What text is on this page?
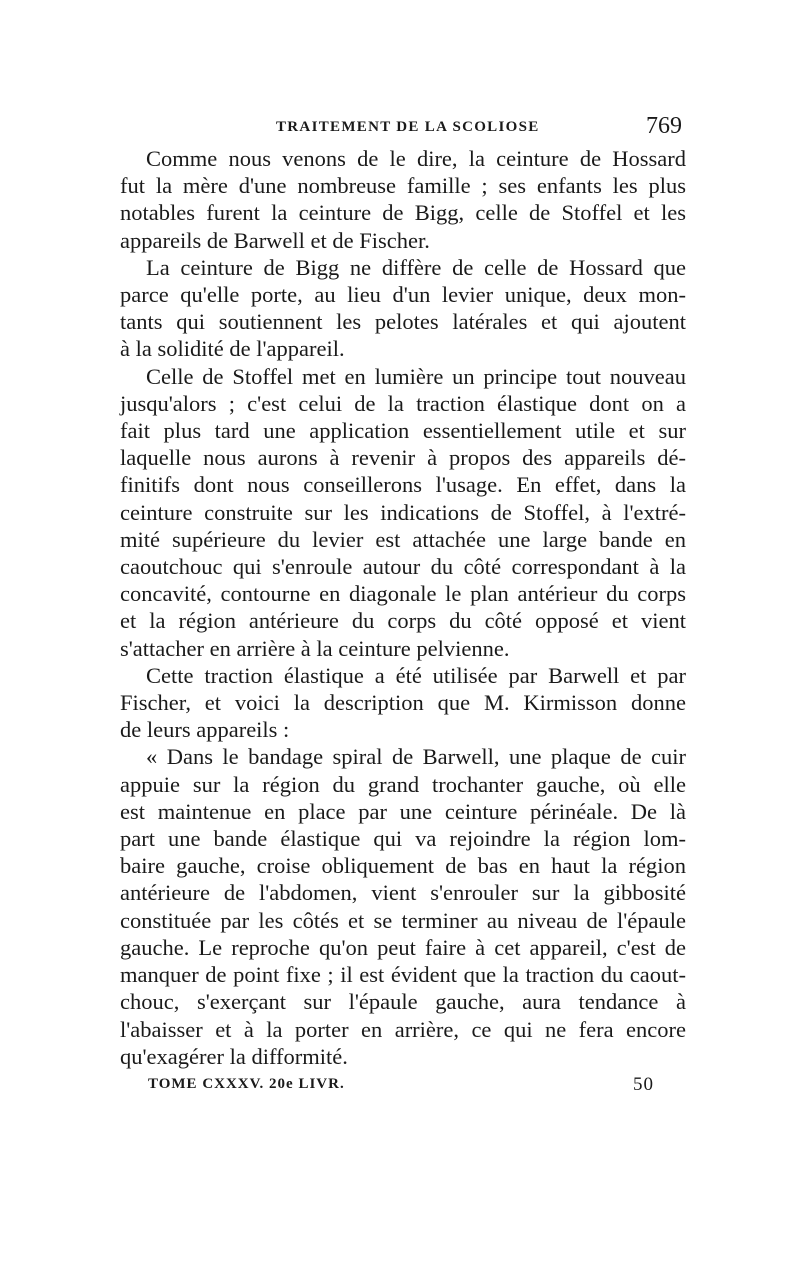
TRAITEMENT DE LA SCOLIOSE	769

Comme nous venons de le dire, la ceinture de Hossard
fut la mère d'une nombreuse famille ; ses enfants les plus
notables furent la ceinture de Bigg, celle de Stoffel et les
appareils de Barwell et de Fischer.
La ceinture de Bigg ne diffère de celle de Hossard que
parce qu'elle porte, au lieu d'un levier unique, deux mon-
tants qui soutiennent les pelotes latérales et qui ajoutent
à la solidité de l'appareil.
Celle de Stoffel met en lumière un principe tout nouveau
jusqu'alors ; c'est celui de la traction élastique dont on a
fait plus tard une application essentiellement utile et sur
laquelle nous aurons à revenir à propos des appareils dé-
finitifs dont nous conseillerons l'usage. En effet, dans la
ceinture construite sur les indications de Stoffel, à l'extré-
mité supérieure du levier est attachée une large bande en
caoutchouc qui s'enroule autour du côté correspondant à la
concavité, contourne en diagonale le plan antérieur du corps
et la région antérieure du corps du côté opposé et vient
s'attacher en arrière à la ceinture pelvienne.
Cette traction élastique a été utilisée par Barwell et par
Fischer, et voici la description que M. Kirmisson donne
de leurs appareils :
« Dans le bandage spiral de Barwell, une plaque de cuir
appuie sur la région du grand trochanter gauche, où elle
est maintenue en place par une ceinture périnéale. De là
part une bande élastique qui va rejoindre la région lom-
baire gauche, croise obliquement de bas en haut la région
antérieure de l'abdomen, vient s'enrouler sur la gibbosité
constituée par les côtés et se terminer au niveau de l'épaule
gauche. Le reproche qu'on peut faire à cet appareil, c'est de
manquer de point fixe ; il est évident que la traction du caout-
chouc, s'exerçant sur l'épaule gauche, aura tendance à
l'abaisser et à la porter en arrière, ce qui ne fera encore
qu'exagérer la difformité.

TOME CXXXV. 20e LIVR.	50
